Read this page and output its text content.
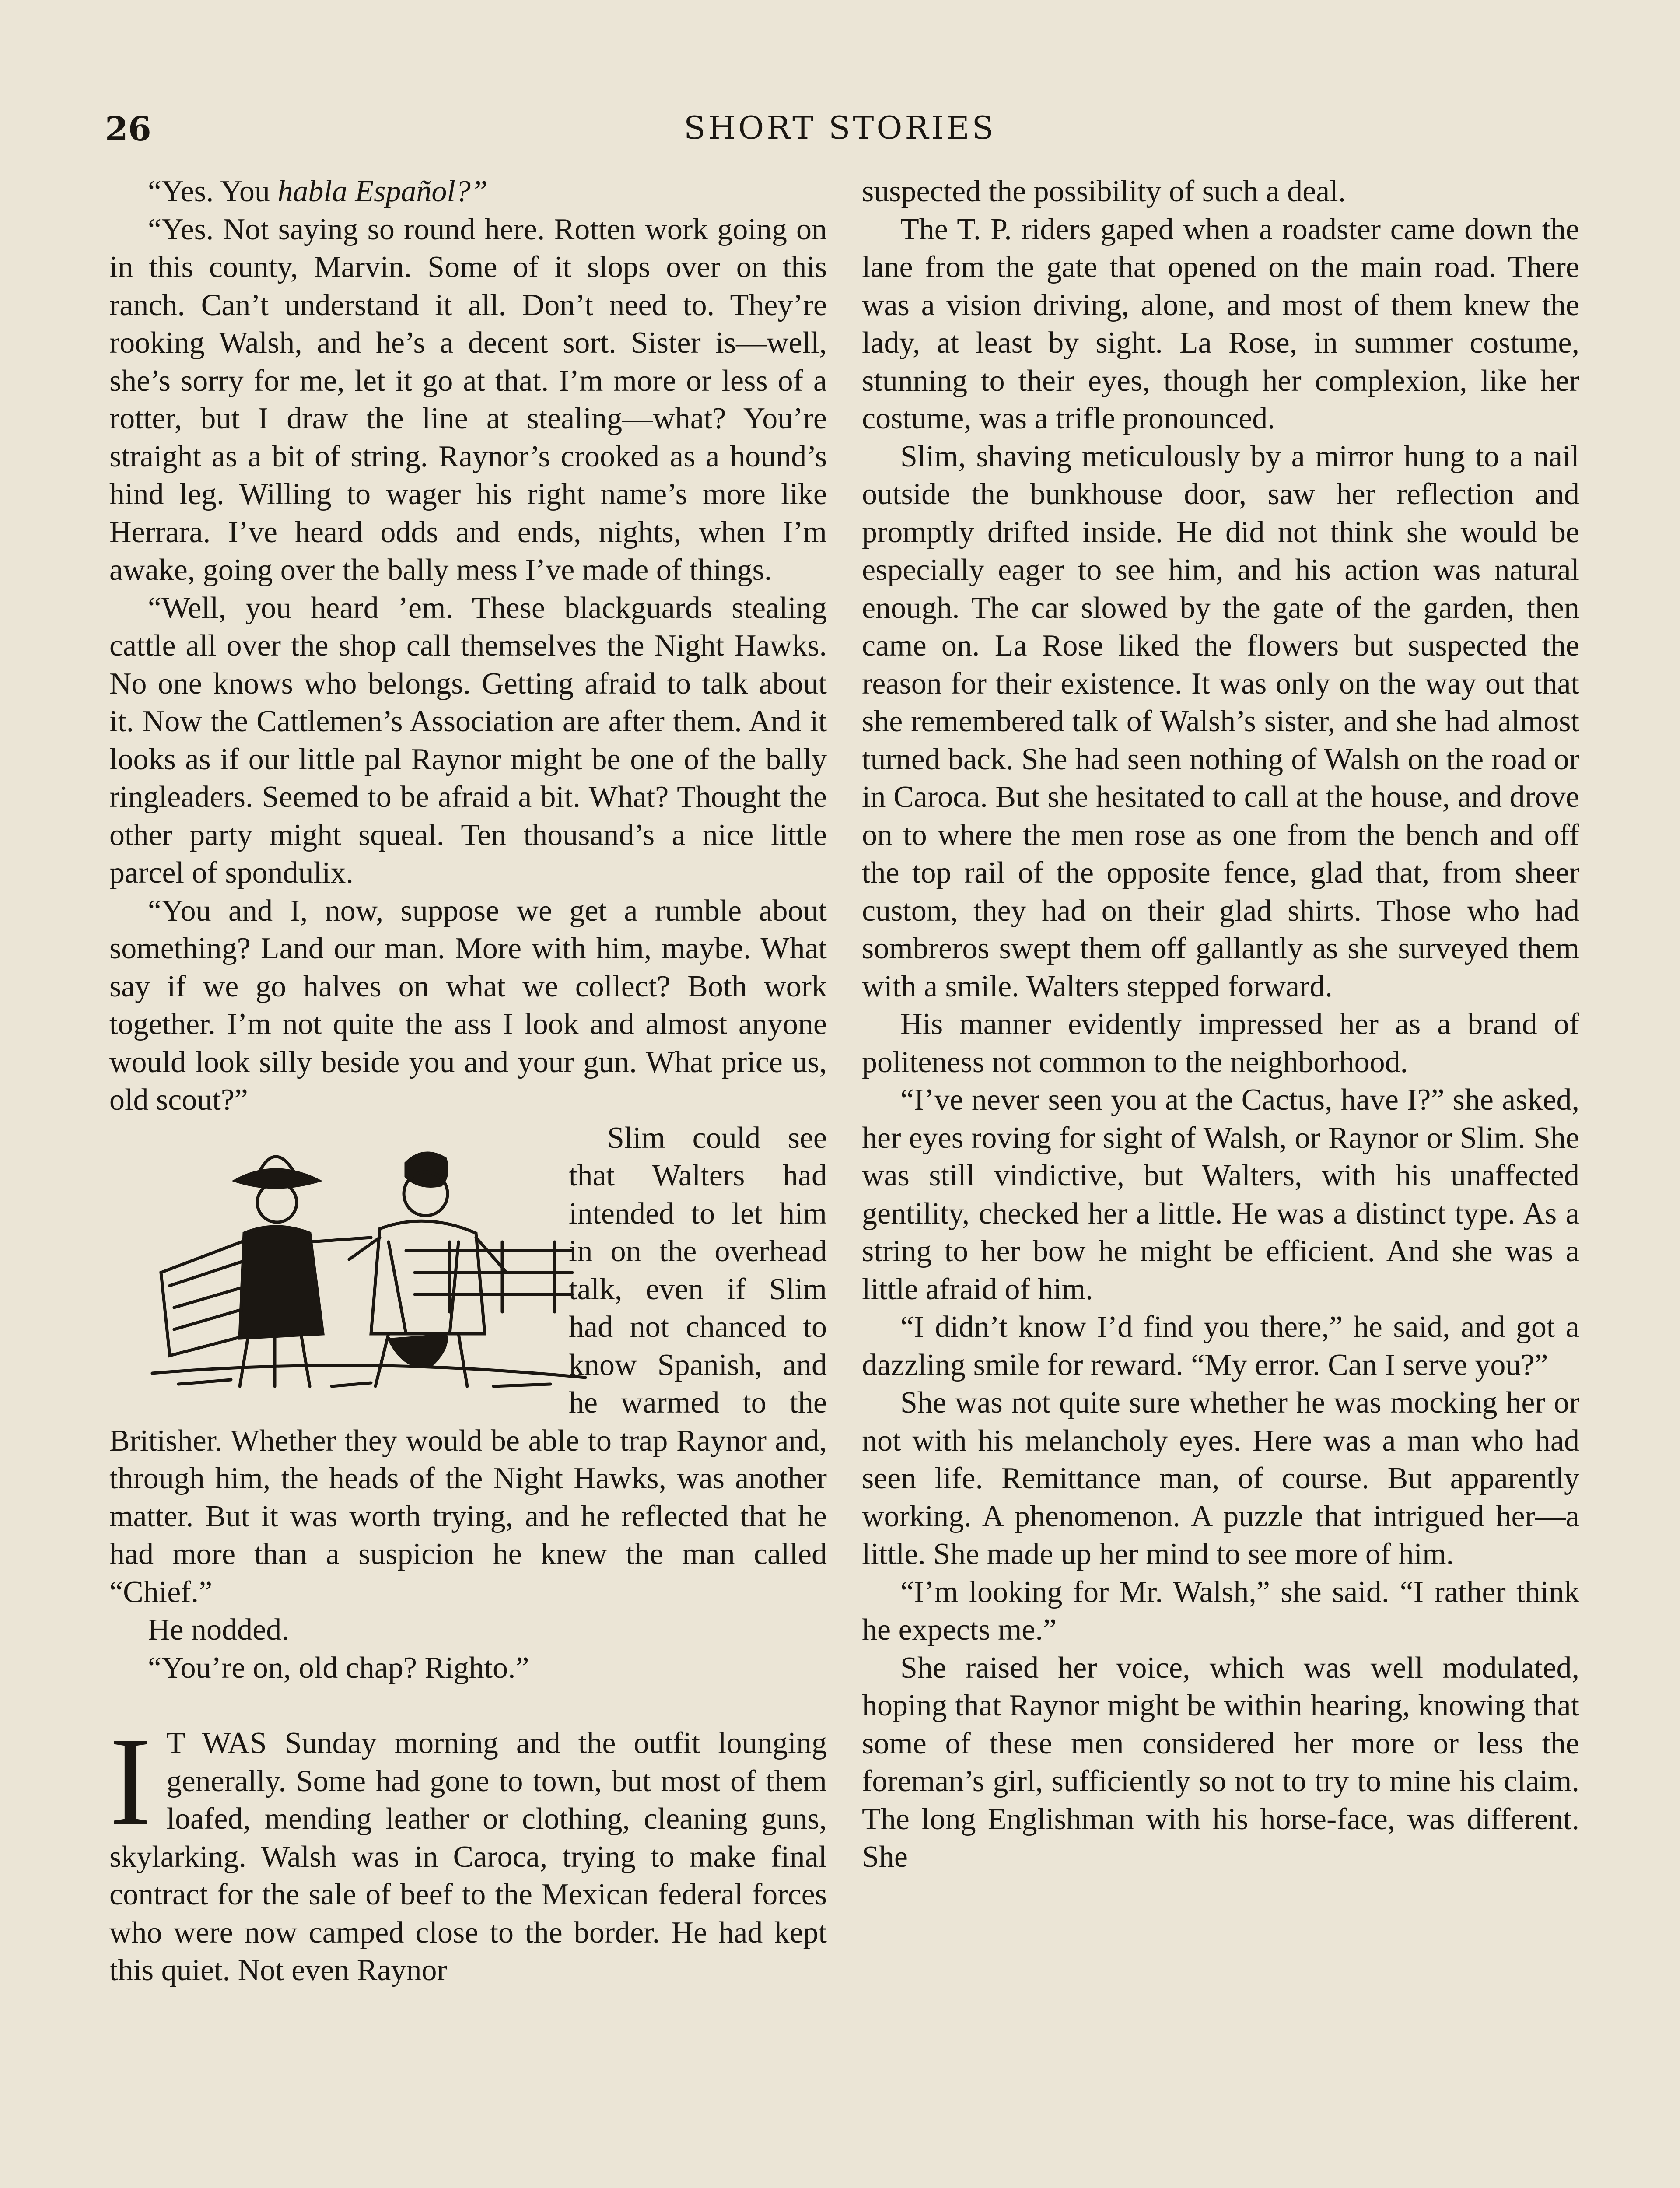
26	SHORT STORIES

“Yes. You habla Español?”

“Yes. Not saying so round here. Rotten work going on in this county, Marvin. Some of it slops over on this ranch. Can’t understand it all. Don’t need to. They’re rooking Walsh, and he’s a decent sort. Sister is—well, she’s sorry for me, let it go at that. I’m more or less of a rotter, but I draw the line at stealing—what? You’re straight as a bit of string. Raynor’s crooked as a hound’s hind leg. Willing to wager his right name’s more like Herrara. I’ve heard odds and ends, nights, when I’m awake, going over the bally mess I’ve made of things.

“Well, you heard ’em. These blackguards stealing cattle all over the shop call themselves the Night Hawks. No one knows who belongs. Getting afraid to talk about it. Now the Cattlemen’s Association are after them. And it looks as if our little pal Raynor might be one of the bally ringleaders. Seemed to be afraid a bit. What? Thought the other party might squeal. Ten thousand’s a nice little parcel of spondulix.

“You and I, now, suppose we get a rumble about something? Land our man. More with him, maybe. What say if we go halves on what we collect? Both work together. I’m not quite the ass I look and almost anyone would look silly beside you and your gun. What price us, old scout?”

Slim could see that Walters had intended to let him in on the overhead talk, even if Slim had not chanced to know Spanish, and he warmed to the Britisher. Whether they would be able to trap Raynor and, through him, the heads of the Night Hawks, was another matter. But it was worth trying, and he reflected that he had more than a suspicion he knew the man called “Chief.”

He nodded.

“You’re on, old chap? Righto.”

I T WAS Sunday morning and the outfit lounging generally. Some had gone to town, but most of them loafed, mending leather or clothing, cleaning guns, skylarking. Walsh was in Caroca, trying to make final contract for the sale of beef to the Mexican federal forces who were now camped close to the border. He had kept this quiet. Not even Raynor

suspected the possibility of such a deal.

The T. P. riders gaped when a roadster came down the lane from the gate that opened on the main road. There was a vision driving, alone, and most of them knew the lady, at least by sight. La Rose, in summer costume, stunning to their eyes, though her complexion, like her costume, was a trifle pronounced.

Slim, shaving meticulously by a mirror hung to a nail outside the bunkhouse door, saw her reflection and promptly drifted inside. He did not think she would be especially eager to see him, and his action was natural enough. The car slowed by the gate of the garden, then came on. La Rose liked the flowers but suspected the reason for their existence. It was only on the way out that she remembered talk of Walsh’s sister, and she had almost turned back. She had seen nothing of Walsh on the road or in Caroca. But she hesitated to call at the house, and drove on to where the men rose as one from the bench and off the top rail of the opposite fence, glad that, from sheer custom, they had on their glad shirts. Those who had sombreros swept them off gallantly as she surveyed them with a smile. Walters stepped forward.

His manner evidently impressed her as a brand of politeness not common to the neighborhood.

“I’ve never seen you at the Cactus, have I?” she asked, her eyes roving for sight of Walsh, or Raynor or Slim. She was still vindictive, but Walters, with his unaffected gentility, checked her a little. He was a distinct type. As a string to her bow he might be efficient. And she was a little afraid of him.

“I didn’t know I’d find you there,” he said, and got a dazzling smile for reward. “My error. Can I serve you?”

She was not quite sure whether he was mocking her or not with his melancholy eyes. Here was a man who had seen life. Remittance man, of course. But apparently working. A phenomenon. A puzzle that intrigued her—a little. She made up her mind to see more of him.

“I’m looking for Mr. Walsh,” she said. “I rather think he expects me.”

She raised her voice, which was well modulated, hoping that Raynor might be within hearing, knowing that some of these men considered her more or less the foreman’s girl, sufficiently so not to try to mine his claim. The long Englishman with his horse-face, was different. She
